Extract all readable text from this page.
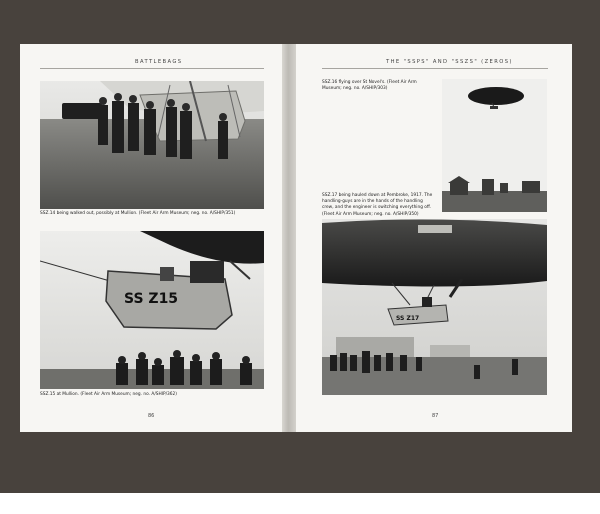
BATTLEBAGS
SSZ.14 being walked out, possibly at Mullion. (Fleet Air Arm Museum; neg. no. A/SHIP/351)
SS Z15
SSZ.15 at Mullion. (Fleet Air Arm Museum; neg. no. A/SHIP/362)
86
THE "SSPS" AND "SSZS" (ZEROS)
SSZ.16 flying over St Novel's. (Fleet Air Arm Museum; neg. no. A/SHIP/303)
SSZ.17 being hauled down at Pembroke, 1917. The handling-guys are in the hands of the handling crew, and the engineer is switching everything off. (Fleet Air Arm Museum; neg. no. A/SHIP/350)
SS Z17
87
